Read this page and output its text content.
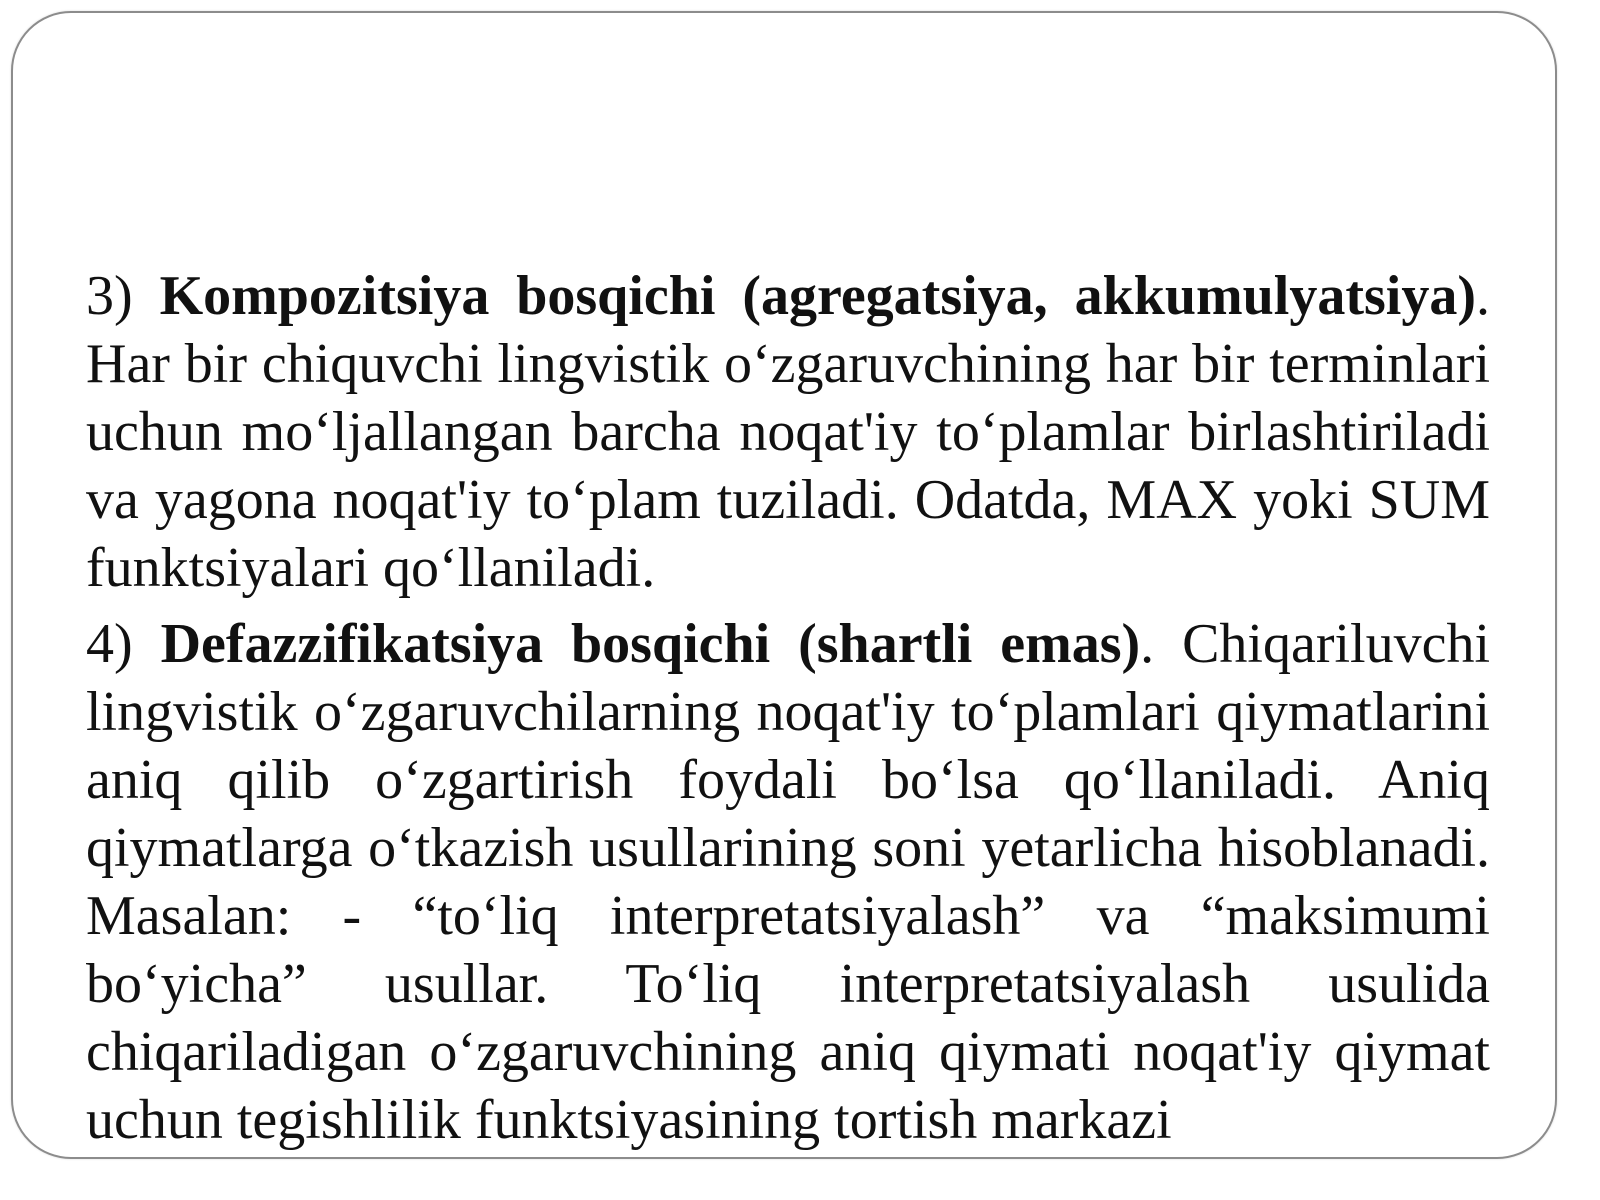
3) Kompozitsiya bosqichi (agregatsiya, akkumulyatsiya). Har bir chiquvchi lingvistik o‘zgaruvchining har bir terminlari uchun mo‘ljallangan barcha noqat'iy to‘plamlar birlashtiriladi va yagona noqat'iy to‘plam tuziladi. Odatda, MAX yoki SUM funktsiyalari qo‘llaniladi.

4) Defazzifikatsiya bosqichi (shartli emas). Chiqariluvchi lingvistik o‘zgaruvchilarning noqat'iy to‘plamlari qiymatlarini aniq qilib o‘zgartirish foydali bo‘lsa qo‘llaniladi. Aniq qiymatlarga o‘tkazish usullarining soni yetarlicha hisoblanadi. Masalan: - “to‘liq interpretatsiyalash” va “maksimumi bo‘yicha” usullar. To‘liq interpretatsiyalash usulida chiqariladigan o‘zgaruvchining aniq qiymati noqat'iy qiymat uchun tegishlilik funktsiyasining tortish markazi
